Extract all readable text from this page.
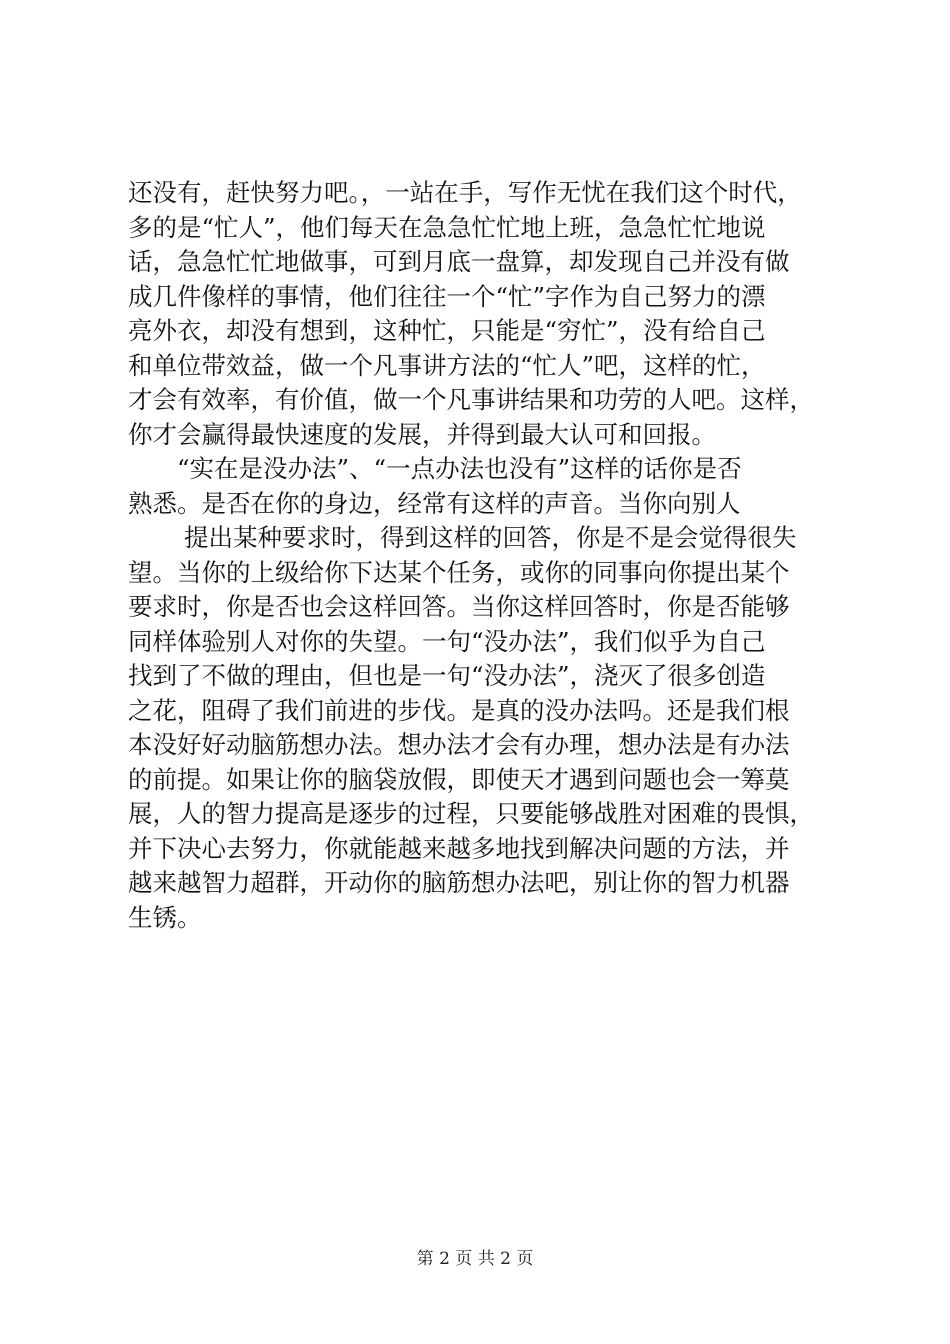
还没有，赶快努力吧。，一站在手，写作无忧在我们这个时代，
多的是“忙人”，他们每天在急急忙忙地上班，急急忙忙地说
话，急急忙忙地做事，可到月底一盘算，却发现自己并没有做
成几件像样的事情，他们往往一个“忙”字作为自己努力的漂
亮外衣，却没有想到，这种忙，只能是“穷忙”，没有给自己
和单位带效益，做一个凡事讲方法的“忙人”吧，这样的忙，
才会有效率，有价值，做一个凡事讲结果和功劳的人吧。这样，
你才会赢得最快速度的发展，并得到最大认可和回报。
“实在是没办法”、“一点办法也没有”这样的话你是否
熟悉。是否在你的身边，经常有这样的声音。当你向别人
提出某种要求时，得到这样的回答，你是不是会觉得很失
望。当你的上级给你下达某个任务，或你的同事向你提出某个
要求时，你是否也会这样回答。当你这样回答时，你是否能够
同样体验别人对你的失望。一句“没办法”，我们似乎为自己
找到了不做的理由，但也是一句“没办法”，浇灭了很多创造
之花，阻碍了我们前进的步伐。是真的没办法吗。还是我们根
本没好好动脑筋想办法。想办法才会有办理，想办法是有办法
的前提。如果让你的脑袋放假，即使天才遇到问题也会一筹莫
展，人的智力提高是逐步的过程，只要能够战胜对困难的畏惧，
并下决心去努力，你就能越来越多地找到解决问题的方法，并
越来越智力超群，开动你的脑筋想办法吧，别让你的智力机器
生锈。
第 2 页 共 2 页
